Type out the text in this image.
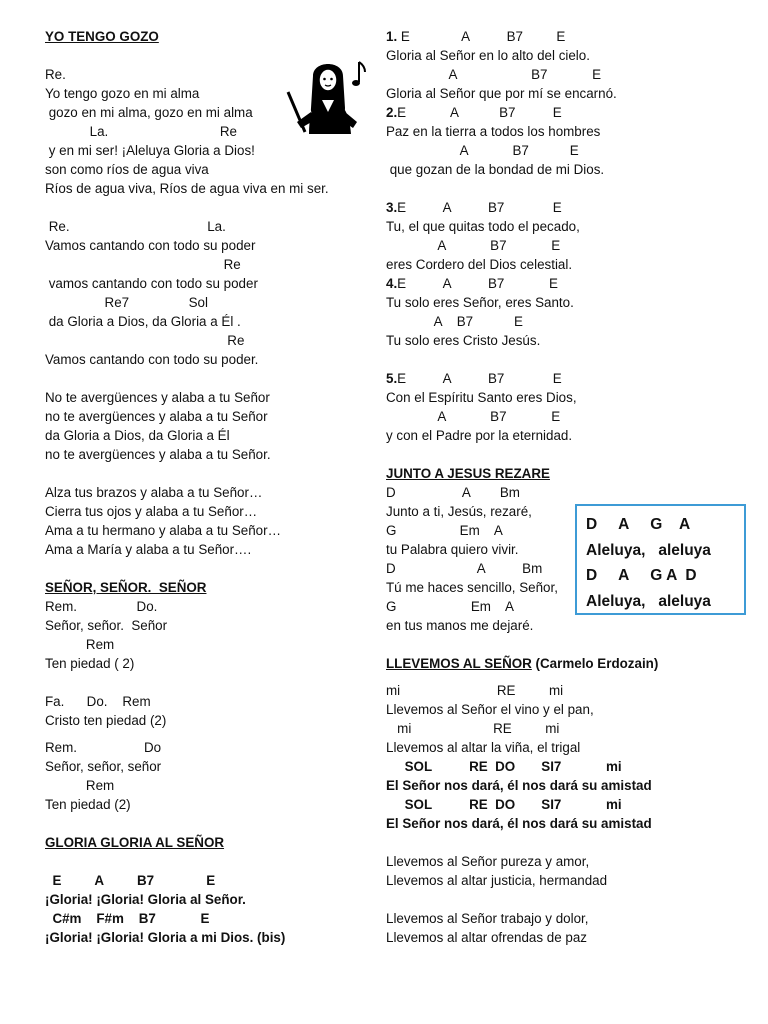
YO TENGO GOZO
Re.
Yo tengo gozo en mi alma
gozo en mi alma, gozo en mi alma
La.                              Re
y en mi ser! ¡Aleluya Gloria a Dios!
son como ríos de agua viva
Ríos de agua viva, Ríos de agua viva en mi ser.
Re.                                     La.
Vamos cantando con todo su poder
Re
vamos cantando con todo su poder
Re7                Sol
da Gloria a Dios, da Gloria a Él .
Re
Vamos cantando con todo su poder.
No te avergüences y alaba a tu Señor
no te avergüences y alaba a tu Señor
da Gloria a Dios, da Gloria a Él
no te avergüences y alaba a tu Señor.
Alza tus brazos y alaba a tu Señor…
Cierra tus ojos y alaba a tu Señor…
Ama a tu hermano y alaba a tu Señor…
Ama a María y alaba a tu Señor….
SEÑOR, SEÑOR.  SEÑOR
Rem.                Do.
Señor, señor.  Señor
Rem
Ten piedad ( 2)
Fa.      Do.    Rem
Cristo ten piedad (2)
Rem.                  Do
Señor, señor, señor
Rem
Ten piedad (2)
GLORIA GLORIA AL SEÑOR
E         A         B7              E
¡Gloria! ¡Gloria! Gloria al Señor.
C#m    F#m    B7            E
¡Gloria! ¡Gloria! Gloria a mi Dios. (bis)
1. E              A          B7         E
Gloria al Señor en lo alto del cielo.
A                    B7            E
Gloria al Señor que por mí se encarnó.
2.E            A           B7          E
Paz en la tierra a todos los hombres
A            B7           E
que gozan de la bondad de mi Dios.
3.E          A          B7             E
Tu, el que quitas todo el pecado,
A            B7            E
eres Cordero del Dios celestial.
4.E          A          B7            E
Tu solo eres Señor, eres Santo.
A    B7           E
Tu solo eres Cristo Jesús.
5.E          A          B7             E
Con el Espíritu Santo eres Dios,
A            B7            E
y con el Padre por la eternidad.
JUNTO A JESUS REZARE
D                  A        Bm
Junto a ti, Jesús, rezaré,
G                 Em    A
tu Palabra quiero vivir.
D                      A          Bm
Tú me haces sencillo, Señor,
G                    Em    A
en tus manos me dejaré.
LLEVEMOS AL SEÑOR (Carmelo Erdozain)
mi                          RE         mi
Llevemos al Señor el vino y el pan,
mi                      RE         mi
Llevemos al altar la viña, el trigal
SOL          RE  DO       SI7            mi
El Señor nos dará, él nos dará su amistad
SOL          RE  DO       SI7            mi
El Señor nos dará, él nos dará su amistad
Llevemos al Señor pureza y amor,
Llevemos al altar justicia, hermandad
Llevemos al Señor trabajo y dolor,
Llevemos al altar ofrendas de paz
D     A     G    A
Aleluya,   aleluya
D     A     G A  D
Aleluya,   aleluya
